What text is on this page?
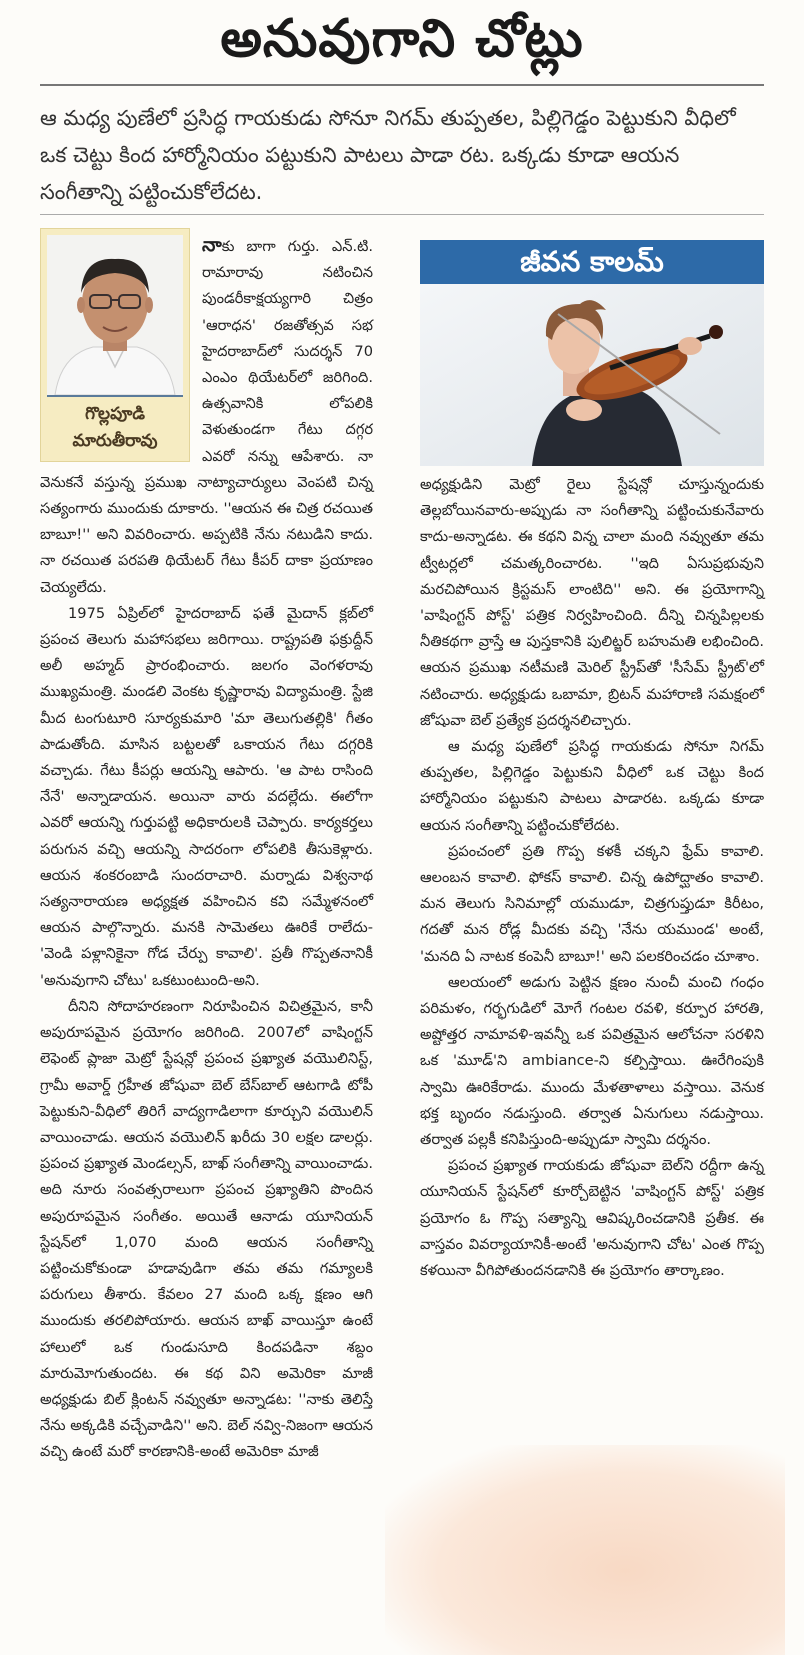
అనువుగాని చోట్లు
ఆ మధ్య పుణేలో ప్రసిద్ధ గాయకుడు సోనూ నిగమ్ తుప్పతల, పిల్లిగెడ్డం పెట్టుకుని వీధిలో ఒక చెట్టు కింద హార్మోనియం పట్టుకుని పాటలు పాడా రట. ఒక్కడు కూడా ఆయన సంగీతాన్ని పట్టించుకోలేదట.
గొల్లపూడి
మారుతీరావు

నాకు బాగా గుర్తు. ఎన్.టి. రామారావు నటించిన పుండరీకాక్షయ్యగారి చిత్రం 'ఆరాధన' రజతోత్సవ సభ హైదరాబాద్‌లో సుదర్శన్ 70 ఎంఎం థియేటర్‌లో జరిగింది. ఉత్సవానికి లోపలికి వెళుతుండగా గేటు దగ్గర ఎవరో నన్ను ఆపేశారు. నా వెనుకనే వస్తున్న ప్రముఖ నాట్యాచార్యులు వెంపటి చిన్న సత్యంగారు ముందుకు దూకారు. ''ఆయన ఈ చిత్ర రచయిత బాబూ!'' అని వివరించారు. అప్పటికి నేను నటుడిని కాదు. నా రచయిత పరపతి థియేటర్ గేటు కీపర్ దాకా ప్రయాణం చెయ్యలేదు.

1975 ఏప్రిల్‌లో హైదరాబాద్ ఫతే మైదాన్ క్లబ్‌లో ప్రపంచ తెలుగు మహాసభలు జరిగాయి. రాష్ట్రపతి ఫక్రుద్దీన్ అలీ అహ్మద్ ప్రారంభించారు. జలగం వెంగళరావు ముఖ్యమంత్రి. మండలి వెంకట కృష్ణారావు విద్యామంత్రి. స్టేజి మీద టంగుటూరి సూర్యకుమారి 'మా తెలుగుతల్లికి' గీతం పాడుతోంది. మాసిన బట్టలతో ఒకాయన గేటు దగ్గరికి వచ్చాడు. గేటు కీపర్లు ఆయన్ని ఆపారు. 'ఆ పాట రాసింది నేనే' అన్నాడాయన. అయినా వారు వదల్లేదు. ఈలోగా ఎవరో ఆయన్ని గుర్తుపట్టి అధికారులకి చెప్పారు. కార్యకర్తలు పరుగున వచ్చి ఆయన్ని సాదరంగా లోపలికి తీసుకెళ్లారు. ఆయన శంకరంబాడి సుందరాచారి. మర్నాడు విశ్వనాథ సత్యనారాయణ అధ్యక్షత వహించిన కవి సమ్మేళనంలో ఆయన పాల్గొన్నారు. మనకి సామెతలు ఊరికే రాలేదు- 'వెండి పళ్లానికైనా గోడ చేర్పు కావాలి'. ప్రతీ గొప్పతనానికీ 'అనువుగాని చోటు' ఒకటుంటుంది-అని.

దీనిని సోదాహరణంగా నిరూపించిన విచిత్రమైన, కానీ అపురూపమైన ప్రయోగం జరిగింది. 2007లో వాషింగ్టన్ లెఫెంట్ ప్లాజా మెట్రో స్టేషన్లో ప్రపంచ ప్రఖ్యాత వయొలినిస్ట్, గ్రామీ అవార్డ్ గ్రహీత జోషువా బెల్ బేస్‌బాల్ ఆటగాడి టోపీ పెట్టుకుని-వీధిలో తిరిగే వాద్యగాడిలాగా కూర్చుని వయొలిన్ వాయించాడు. ఆయన వయొలిన్ ఖరీదు 30 లక్షల డాలర్లు. ప్రపంచ ప్రఖ్యాత మెండల్సన్, బాఖ్ సంగీతాన్ని వాయించాడు. అది నూరు సంవత్సరాలుగా ప్రపంచ ప్రఖ్యాతిని పొందిన అపురూపమైన సంగీతం. అయితే ఆనాడు యూనియన్ స్టేషన్‌లో 1,070 మంది ఆయన సంగీతాన్ని పట్టించుకోకుండా హడావుడిగా తమ తమ గమ్యాలకి పరుగులు తీశారు. కేవలం 27 మంది ఒక్క క్షణం ఆగి ముందుకు తరలిపోయారు. ఆయన బాఖ్ వాయిస్తూ ఉంటే హాలులో ఒక గుండుసూది కిందపడినా శబ్దం మారుమోగుతుందట. ఈ కథ విని అమెరికా మాజీ అధ్యక్షుడు బిల్ క్లింటన్ నవ్వుతూ అన్నాడట: ''నాకు తెలిస్తే నేను అక్కడికి వచ్చేవాడిని'' అని. బెల్ నవ్వి-నిజంగా ఆయన వచ్చి ఉంటే మరో కారణానికి-అంటే అమెరికా మాజీ

జీవన కాలమ్

అధ్యక్షుడిని మెట్రో రైలు స్టేషన్లో చూస్తున్నందుకు తెల్లబోయినవారు-అప్పుడు నా సంగీతాన్ని పట్టించుకునేవారు కాదు-అన్నాడట. ఈ కథని విన్న చాలా మంది నవ్వుతూ తమ ట్వీటర్లలో చమత్కరించారట. ''ఇది ఏసుప్రభువుని మరచిపోయిన క్రిస్టమస్ లాంటిది'' అని. ఈ ప్రయోగాన్ని 'వాషింగ్టన్ పోస్ట్' పత్రిక నిర్వహించింది. దీన్ని చిన్నపిల్లలకు నీతికథగా వ్రాస్తే ఆ పుస్తకానికి పులిట్జర్ బహుమతి లభించింది. ఆయన ప్రముఖ నటీమణి మెరిల్ స్ట్రీప్‌తో 'సీసేమ్ స్ట్రీట్'లో నటించారు. అధ్యక్షుడు ఒబామా, బ్రిటన్ మహారాణి సమక్షంలో జోషువా బెల్ ప్రత్యేక ప్రదర్శనలిచ్చారు.

ఆ మధ్య పుణేలో ప్రసిద్ధ గాయకుడు సోనూ నిగమ్ తుప్పతల, పిల్లిగెడ్డం పెట్టుకుని వీధిలో ఒక చెట్టు కింద హార్మోనియం పట్టుకుని పాటలు పాడారట. ఒక్కడు కూడా ఆయన సంగీతాన్ని పట్టించుకోలేదట.

ప్రపంచంలో ప్రతి గొప్ప కళకీ చక్కని ఫ్రేమ్ కావాలి. ఆలంబన కావాలి. ఫోకస్ కావాలి. చిన్న ఉపోద్ఘాతం కావాలి. మన తెలుగు సినిమాల్లో యముడూ, చిత్రగుప్తుడూ కిరీటం, గదతో మన రోడ్ల మీదకు వచ్చి 'నేను యముండ' అంటే, 'మనది ఏ నాటక కంపెనీ బాబూ!' అని పలకరించడం చూశాం.

ఆలయంలో అడుగు పెట్టిన క్షణం నుంచీ మంచి గంధం పరిమళం, గర్భగుడిలో మోగే గంటల రవళి, కర్పూర హారతి, అష్టోత్తర నామావళి-ఇవన్నీ ఒక పవిత్రమైన ఆలోచనా సరళిని ఒక 'మూడ్'ని ambiance-ని కల్పిస్తాయి. ఊరేగింపుకి స్వామి ఊరికేరాడు. ముందు మేళతాళాలు వస్తాయి. వెనుక భక్త బృందం నడుస్తుంది. తర్వాత ఏనుగులు నడుస్తాయి. తర్వాత పల్లకీ కనిపిస్తుంది-అప్పుడూ స్వామి దర్శనం.

ప్రపంచ ప్రఖ్యాత గాయకుడు జోషువా బెల్‌ని రద్దీగా ఉన్న యూనియన్ స్టేషన్‌లో కూర్చోబెట్టిన 'వాషింగ్టన్ పోస్ట్' పత్రిక ప్రయోగం ఓ గొప్ప సత్యాన్ని ఆవిష్కరించడానికి ప్రతీక. ఈ వాస్తవం వివర్యాయానికీ-అంటే 'అనువుగాని చోట' ఎంత గొప్ప కళయినా వీగిపోతుందనడానికి ఈ ప్రయోగం తార్కాణం.
